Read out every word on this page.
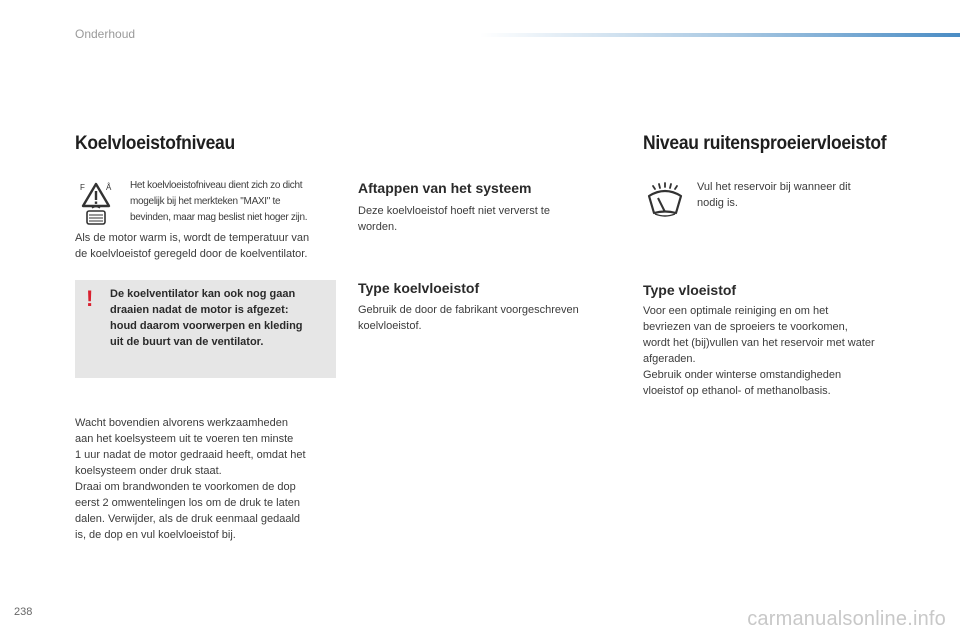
Onderhoud
Koelvloeistofniveau
F	Å Het koelvloeistofniveau dient zich zo dicht
mogelijk bij het merkteken "MAXI" te
bevinden, maar mag beslist niet hoger zijn.
Als de motor warm is, wordt de temperatuur van
de koelvloeistof geregeld door de koelventilator.
! De koelventilator kan ook nog gaan
draaien nadat de motor is afgezet:
houd daarom voorwerpen en kleding
uit de buurt van de ventilator.
Wacht bovendien alvorens werkzaamheden
aan het koelsysteem uit te voeren ten minste
1 uur nadat de motor gedraaid heeft, omdat het
koelsysteem onder druk staat.
Draai om brandwonden te voorkomen de dop
eerst 2 omwentelingen los om de druk te laten
dalen. Verwijder, als de druk eenmaal gedaald
is, de dop en vul koelvloeistof bij.
Aftappen van het systeem
Deze koelvloeistof hoeft niet ververst te
worden.
Type koelvloeistof
Gebruik de door de fabrikant voorgeschreven
koelvloeistof.
Niveau ruitensproeiervloeistof
Vul het reservoir bij wanneer dit
nodig is.
Type vloeistof
Voor een optimale reiniging en om het
bevriezen van de sproeiers te voorkomen,
wordt het (bij)vullen van het reservoir met water
afgeraden.
Gebruik onder winterse omstandigheden
vloeistof op ethanol- of methanolbasis.
238	carmanualsonline.info
